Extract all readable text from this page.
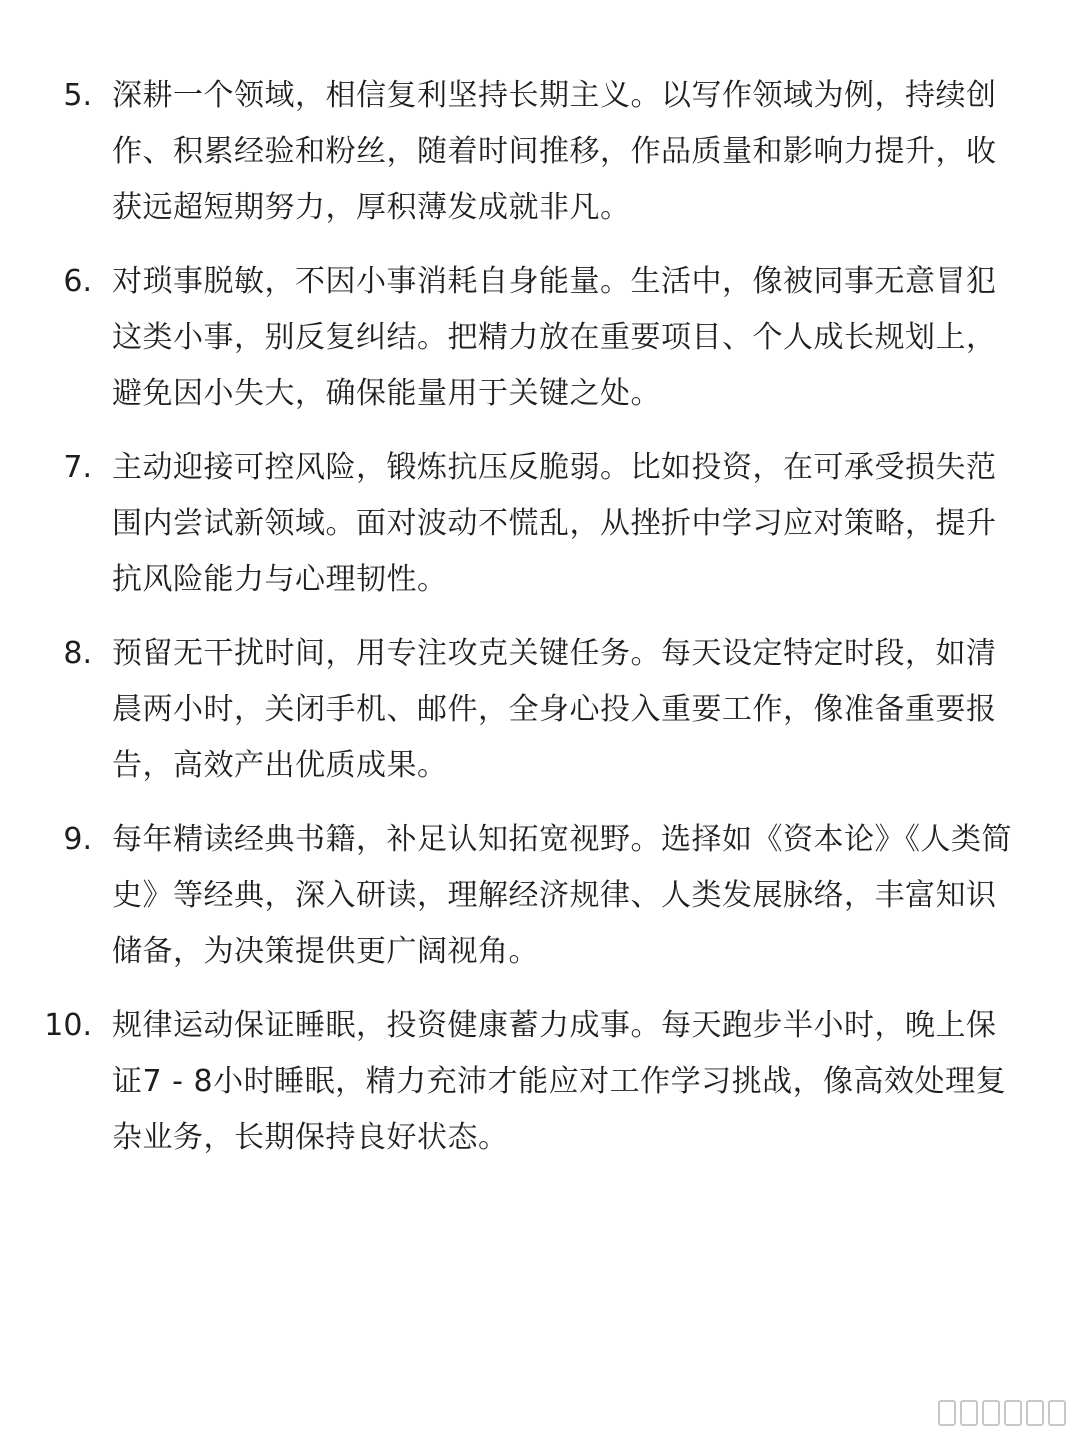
5. 深耕一个领域，相信复利坚持长期主义。以写作领域为例，持续创作、积累经验和粉丝，随着时间推移，作品质量和影响力提升，收获远超短期努力，厚积薄发成就非凡。
6. 对琐事脱敏，不因小事消耗自身能量。生活中，像被同事无意冒犯这类小事，别反复纠结。把精力放在重要项目、个人成长规划上，避免因小失大，确保能量用于关键之处。
7. 主动迎接可控风险，锻炼抗压反脆弱。比如投资，在可承受损失范围内尝试新领域。面对波动不慌乱，从挫折中学习应对策略，提升抗风险能力与心理韧性。
8. 预留无干扰时间，用专注攻克关键任务。每天设定特定时段，如清晨两小时，关闭手机、邮件，全身心投入重要工作，像准备重要报告，高效产出优质成果。
9. 每年精读经典书籍，补足认知拓宽视野。选择如《资本论》《人类简史》等经典，深入研读，理解经济规律、人类发展脉络，丰富知识储备，为决策提供更广阔视角。
10. 规律运动保证睡眠，投资健康蓄力成事。每天跑步半小时，晚上保证7 - 8小时睡眠，精力充沛才能应对工作学习挑战，像高效处理复杂业务，长期保持良好状态。
